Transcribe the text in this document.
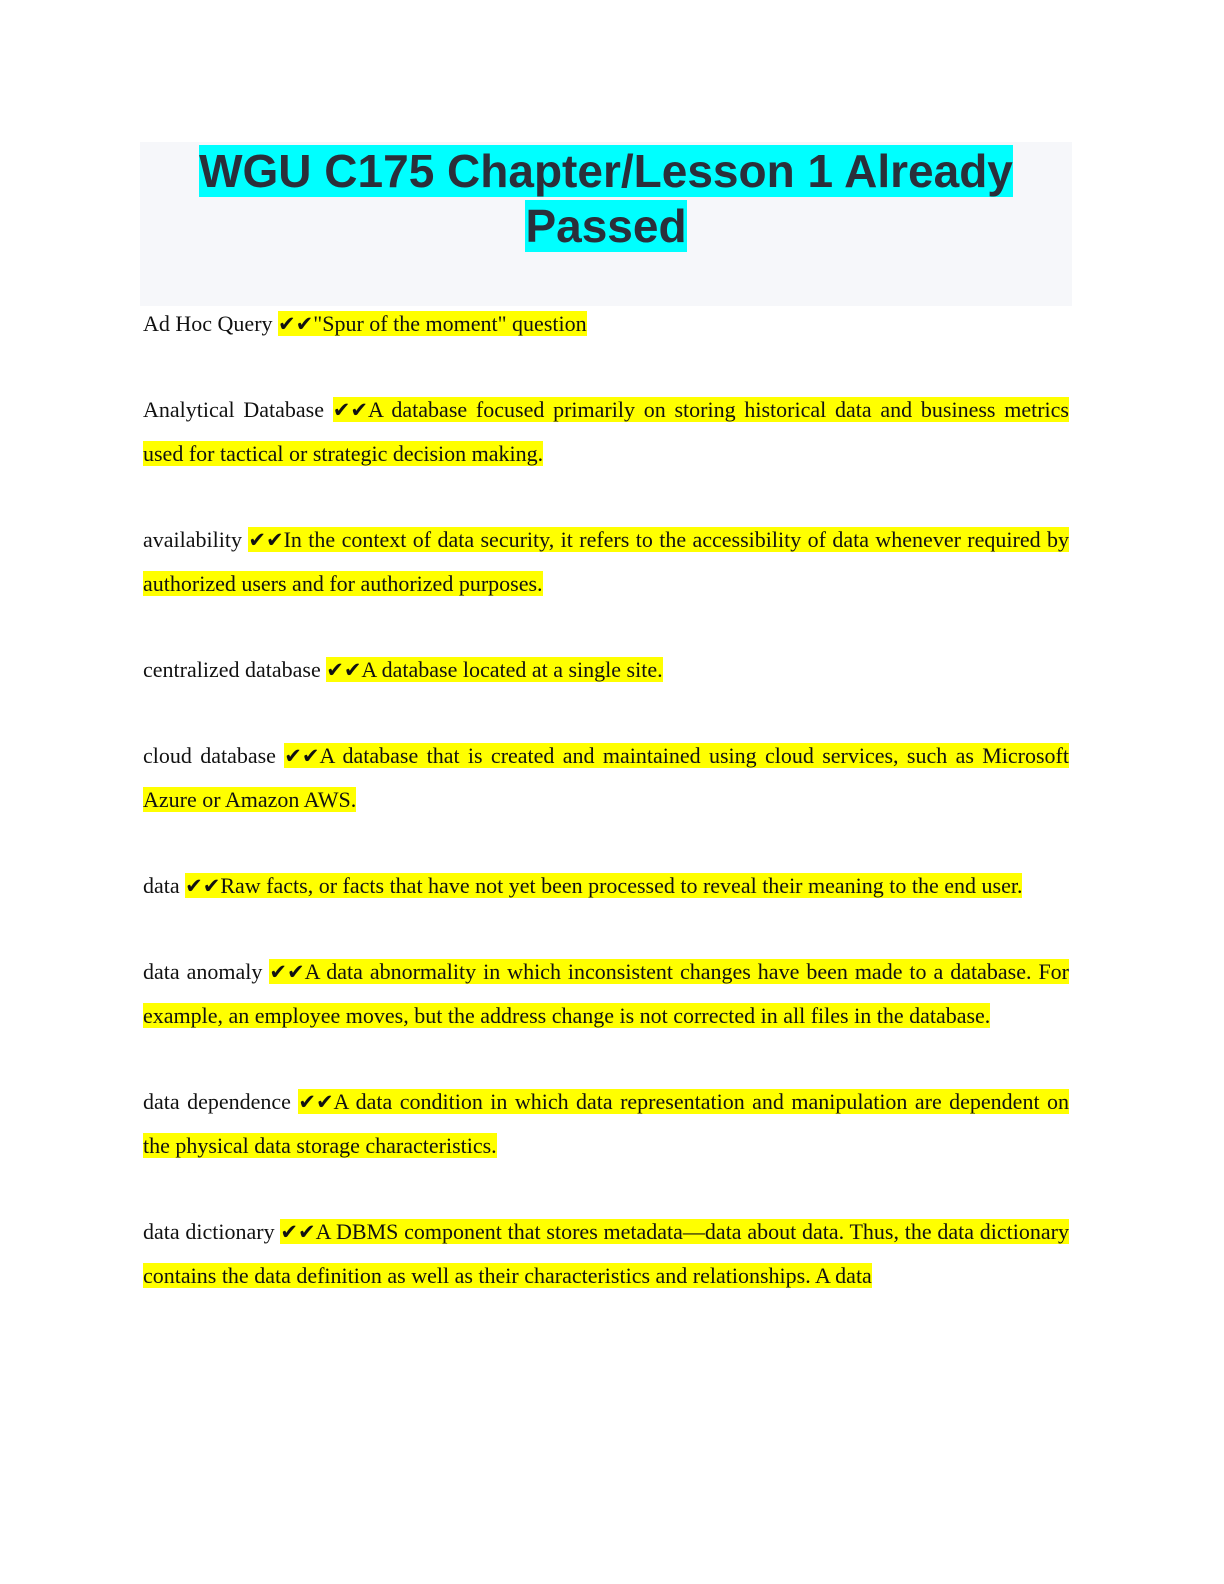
WGU C175 Chapter/Lesson 1 Already Passed

Ad Hoc Query ✔✔"Spur of the moment" question

Analytical Database ✔✔A database focused primarily on storing historical data and business metrics used for tactical or strategic decision making.

availability ✔✔In the context of data security, it refers to the accessibility of data whenever required by authorized users and for authorized purposes.

centralized database ✔✔A database located at a single site.

cloud database ✔✔A database that is created and maintained using cloud services, such as Microsoft Azure or Amazon AWS.

data ✔✔Raw facts, or facts that have not yet been processed to reveal their meaning to the end user.

data anomaly ✔✔A data abnormality in which inconsistent changes have been made to a database. For example, an employee moves, but the address change is not corrected in all files in the database.

data dependence ✔✔A data condition in which data representation and manipulation are dependent on the physical data storage characteristics.

data dictionary ✔✔A DBMS component that stores metadata—data about data. Thus, the data dictionary contains the data definition as well as their characteristics and relationships. A data
